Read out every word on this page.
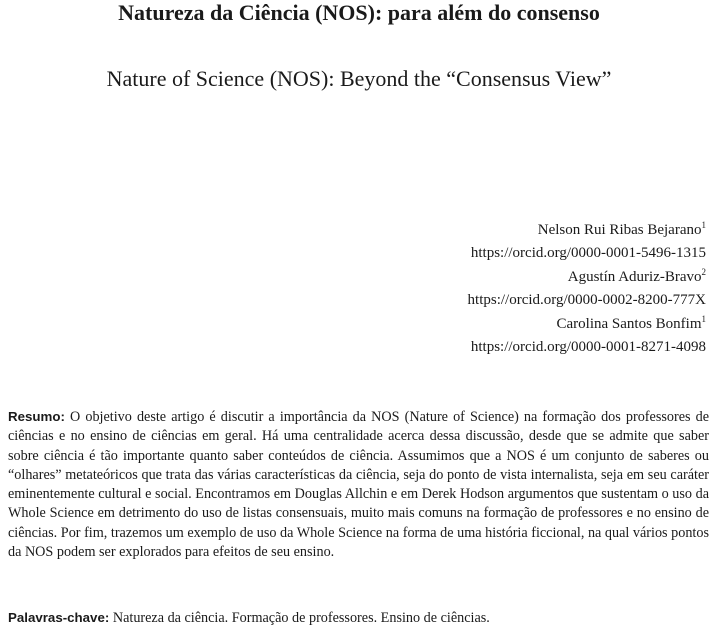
Natureza da Ciência (NOS): para além do consenso
Nature of Science (NOS): Beyond the “Consensus View”
Nelson Rui Ribas Bejarano$^1$
https://orcid.org/0000-0001-5496-1315
Agustín Aduriz-Bravo$^2$
https://orcid.org/0000-0002-8200-777X
Carolina Santos Bonfim$^1$
https://orcid.org/0000-0001-8271-4098

Resumo: O objetivo deste artigo é discutir a importância da NOS (Nature of Science) na formação dos professores de ciências e no ensino de ciências em geral. Há uma centralidade acerca dessa discussão, desde que se admite que saber sobre ciência é tão importante quanto saber conteúdos de ciência. Assumimos que a NOS é um conjunto de saberes ou “olhares” metateóricos que trata das várias características da ciência, seja do ponto de vista internalista, seja em seu caráter eminentemente cultural e social. Encontramos em Douglas Allchin e em Derek Hodson argumentos que sustentam o uso da Whole Science em detrimento do uso de listas consensuais, muito mais comuns na formação de professores e no ensino de ciências. Por fim, trazemos um exemplo de uso da Whole Science na forma de uma história ficcional, na qual vários pontos da NOS podem ser explorados para efeitos de seu ensino.

Palavras-chave: Natureza da ciência. Formação de professores. Ensino de ciências.
